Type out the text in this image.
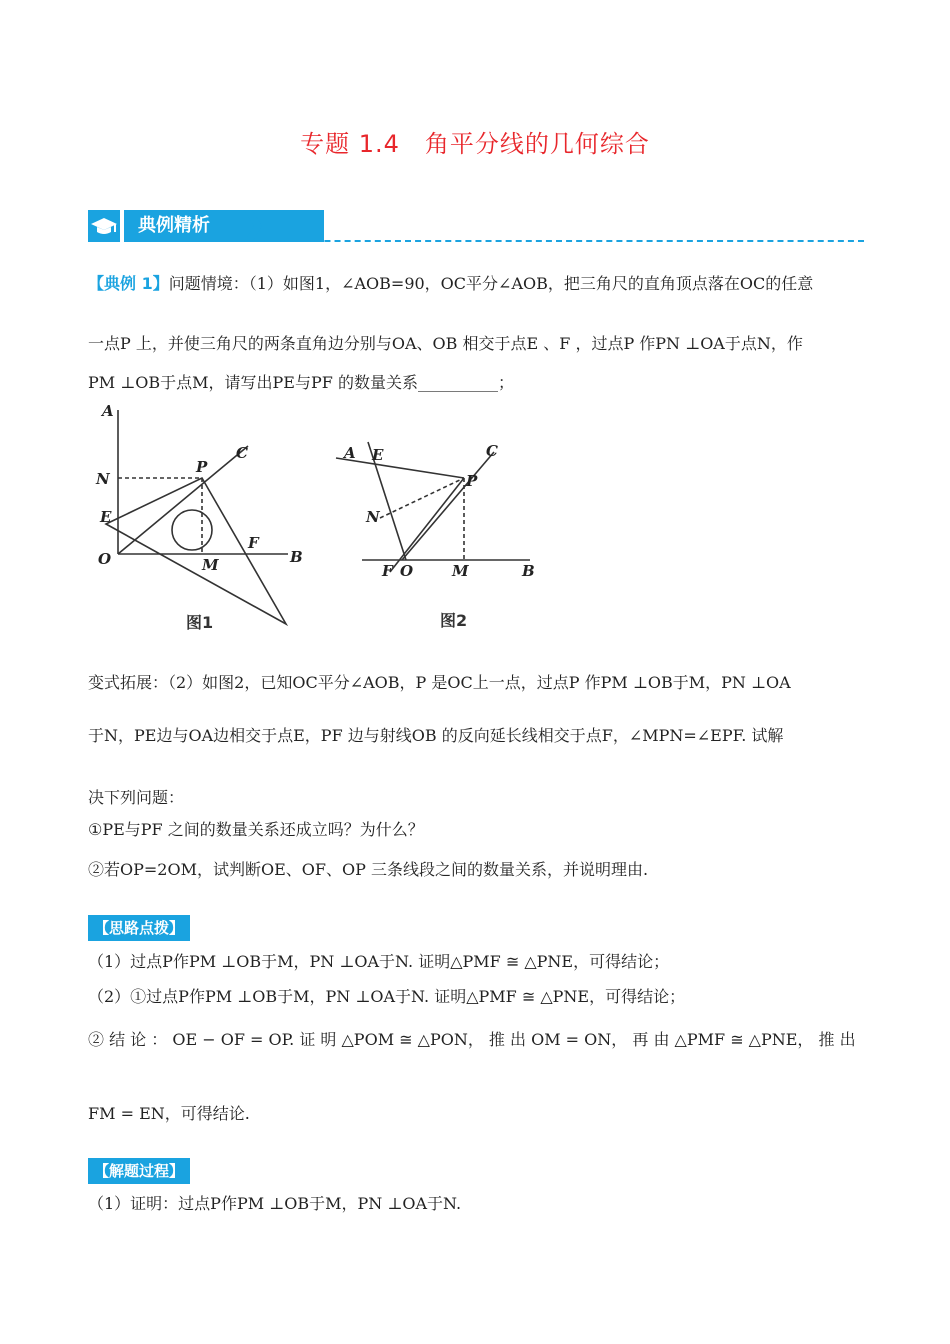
专题 1.4　角平分线的几何综合
典例精析
【典例 1】问题情境：（1）如图1，∠AOB=90，OC平分∠AOB，把三角尺的直角顶点落在OC的任意
一点P 上，并使三角尺的两条直角边分别与OA、OB 相交于点E 、F ，过点P 作PN ⊥OA于点N，作
PM ⊥OB于点M，请写出PE与PF 的数量关系__________；
A
N
E
O
P
C
F
M	B
图1
A E
N
F O	M	B
P
C
图2
变式拓展：（2）如图2，已知OC平分∠AOB，P 是OC上一点，过点P 作PM ⊥OB于M，PN ⊥OA
于N，PE边与OA边相交于点E，PF 边与射线OB 的反向延长线相交于点F，∠MPN=∠EPF. 试解
决下列问题：
①PE与PF 之间的数量关系还成立吗？为什么？
②若OP=2OM，试判断OE、OF、OP 三条线段之间的数量关系，并说明理由.
【思路点拨】
（1）过点P作PM ⊥OB于M，PN ⊥OA于N. 证明△PMF ≅ △PNE，可得结论；
（2）①过点P作PM ⊥OB于M，PN ⊥OA于N. 证明△PMF ≅ △PNE，可得结论；
② 结 论 ： OE − OF = OP. 证 明 △POM ≅ △PON， 推 出 OM = ON， 再 由 △PMF ≅ △PNE， 推 出
FM = EN，可得结论.
【解题过程】
（1）证明：过点P作PM ⊥OB于M，PN ⊥OA于N.
